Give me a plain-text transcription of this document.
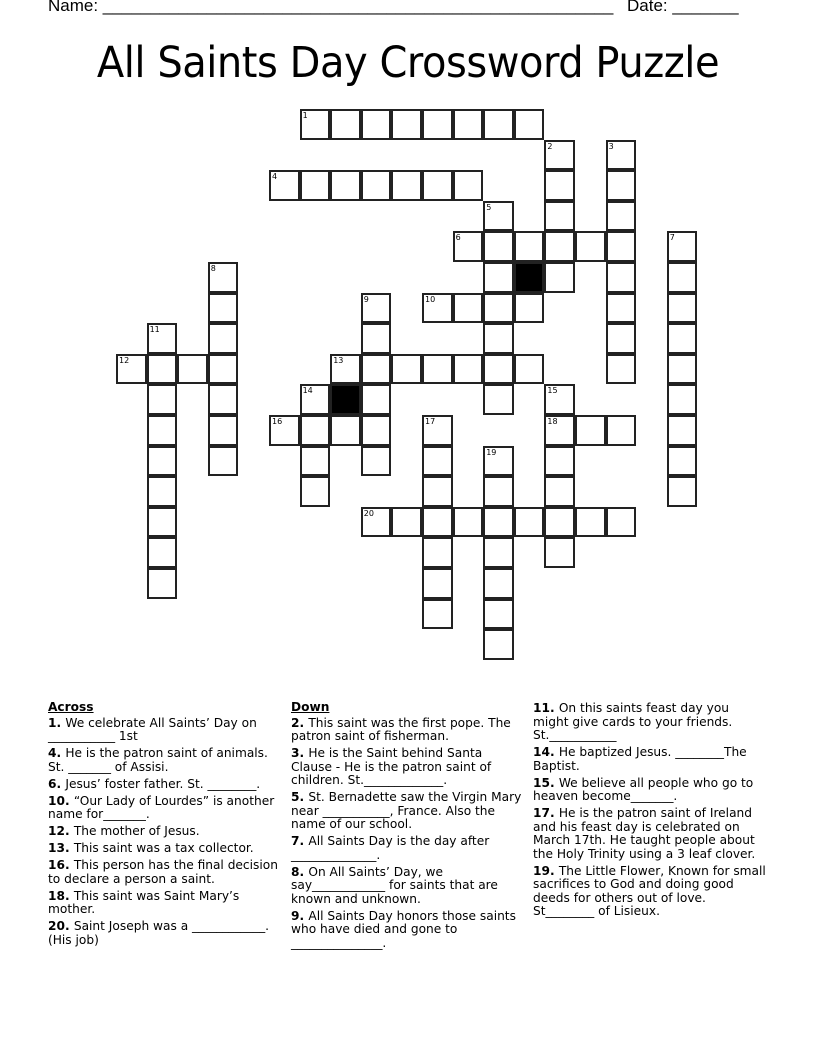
Name: ______________________________________________________ Date: _______
All Saints Day Crossword Puzzle
1
2	3
4
5
6	7
8
9	10
11
12	13
14	15
16	17	18
19
20
Across
1. We celebrate All Saints’ Day on ___________ 1st
4. He is the patron saint of animals. St. _______ of Assisi.
6. Jesus’ foster father. St. ________.
10. “Our Lady of Lourdes” is another name for_______.
12. The mother of Jesus.
13. This saint was a tax collector.
16. This person has the final decision to declare a person a saint.
18. This saint was Saint Mary’s mother.
20. Saint Joseph was a ____________. (His job)
Down
2. This saint was the first pope. The patron saint of fisherman.
3. He is the Saint behind Santa Clause - He is the patron saint of children. St._____________.
5. St. Bernadette saw the Virgin Mary near ___________, France. Also the name of our school.
7. All Saints Day is the day after ______________.
8. On All Saints’ Day, we say____________ for saints that are known and unknown.
9. All Saints Day honors those saints who have died and gone to _______________.
11. On this saints feast day you might give cards to your friends. St.___________
14. He baptized Jesus. ________The Baptist.
15. We believe all people who go to heaven become_______.
17. He is the patron saint of Ireland and his feast day is celebrated on March 17th. He taught people about the Holy Trinity using a 3 leaf clover.
19. The Little Flower, Known for small sacrifices to God and doing good deeds for others out of love. St________ of Lisieux.
